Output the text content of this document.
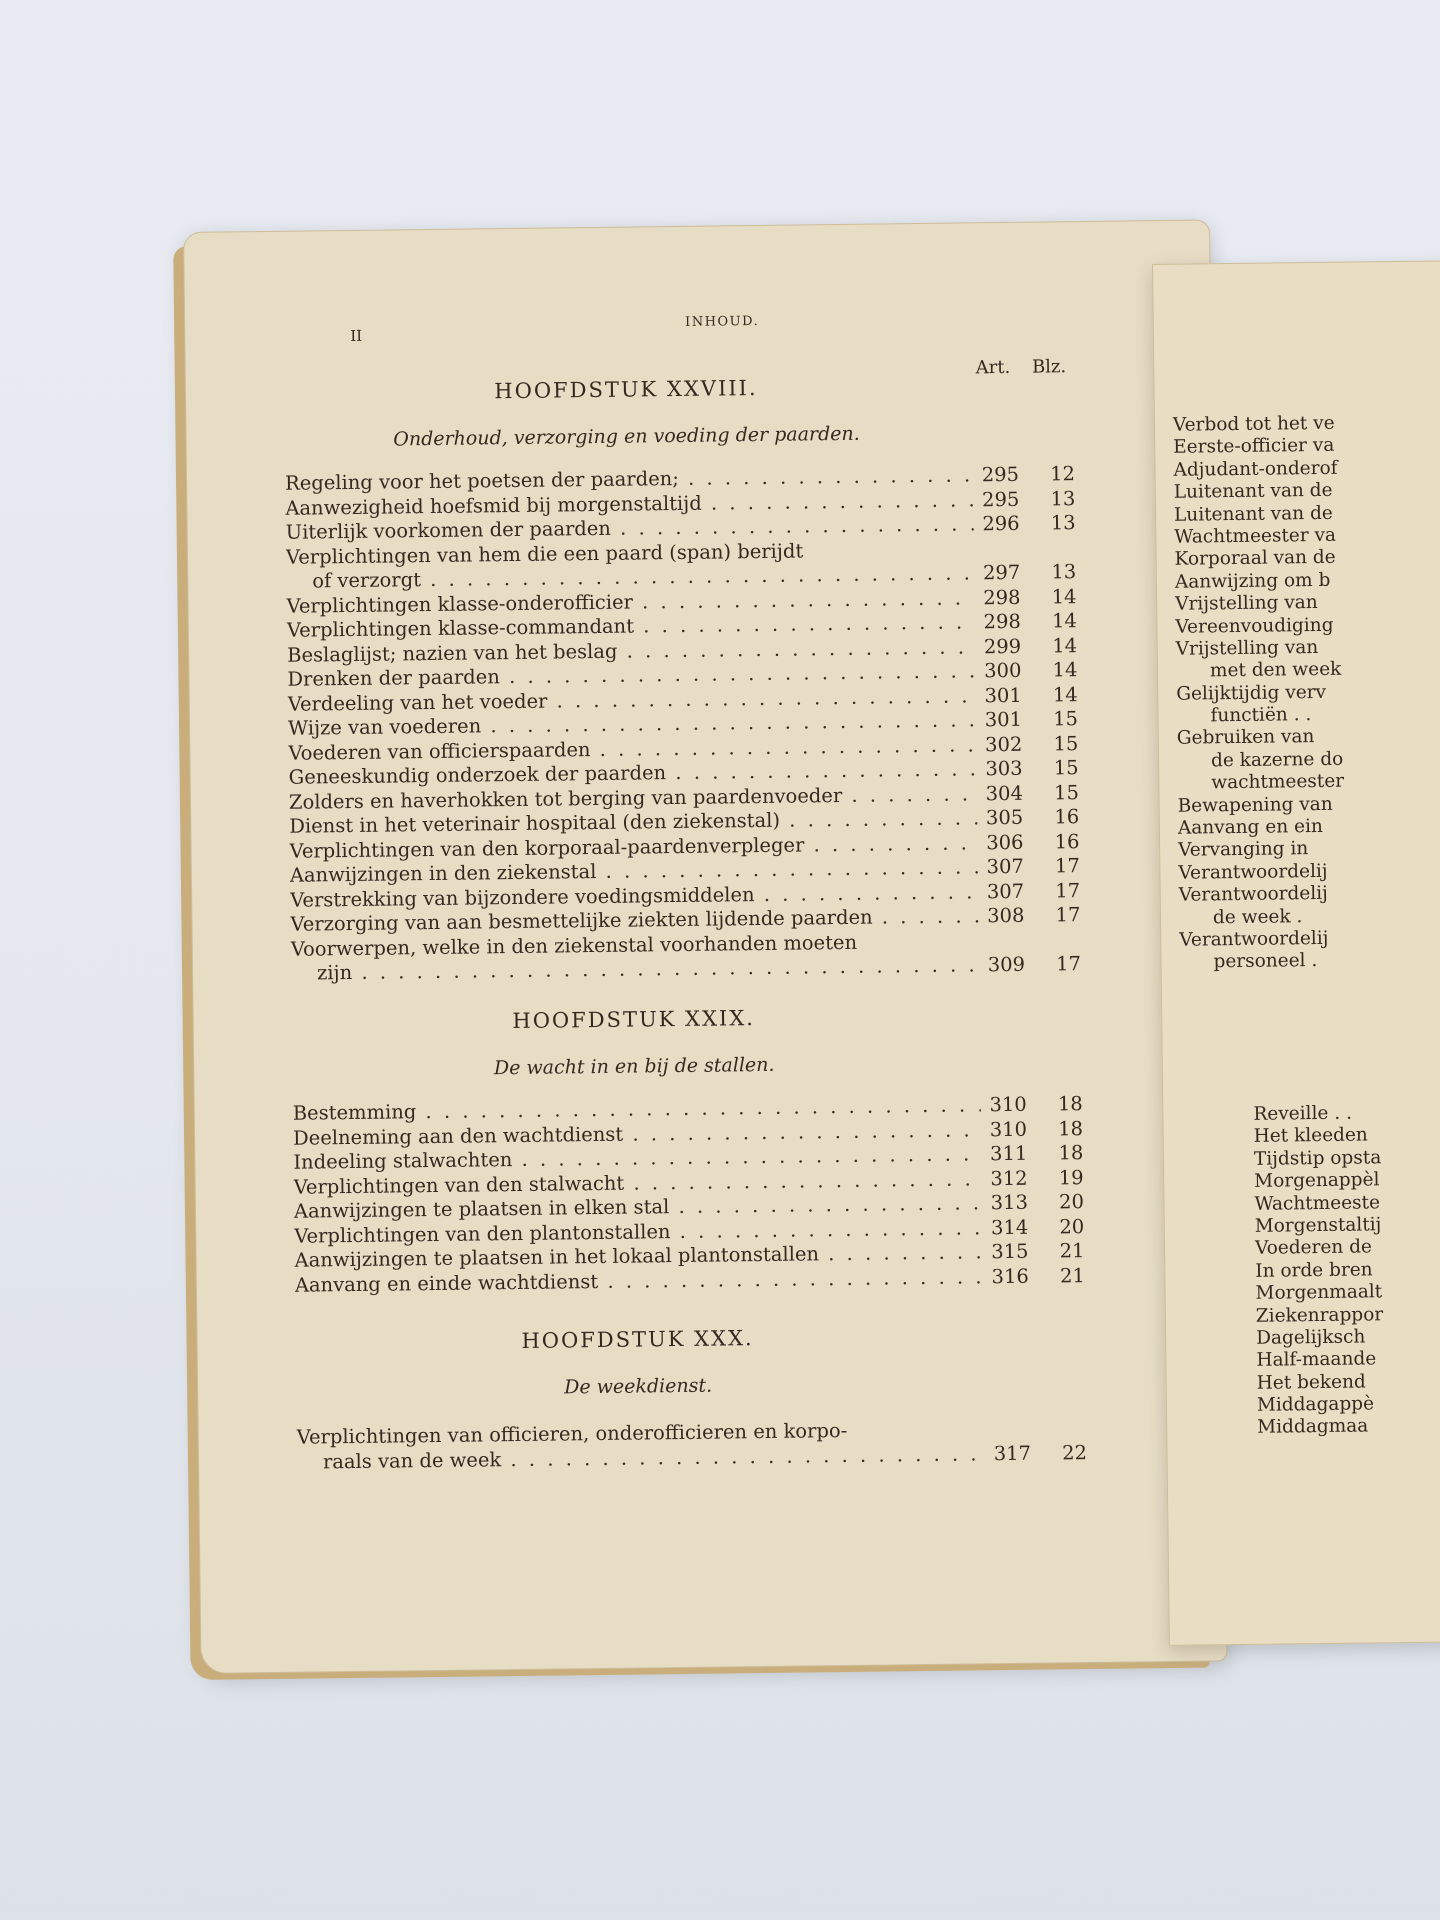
II
INHOUD.
Art. Blz.
HOOFDSTUK XXVIII.
Onderhoud, verzorging en voeding der paarden.
Regeling voor het poetsen der paarden; . . .	295	12
Aanwezigheid hoefsmid bij morgenstaltijd . . .	295	13
Uiterlijk voorkomen der paarden . . .	296	13
Verplichtingen van hem die een paard (span) berijdt
of verzorgt . . .	297	13
Verplichtingen klasse-onderofficier . . .	298	14
Verplichtingen klasse-commandant . . .	298	14
Beslaglijst; nazien van het beslag . . .	299	14
Drenken der paarden . . .	300	14
Verdeeling van het voeder . . .	301	14
Wijze van voederen . . .	301	15
Voederen van officierspaarden . . .	302	15
Geneeskundig onderzoek der paarden . . .	303	15
Zolders en haverhokken tot berging van paardenvoeder . . .	304	15
Dienst in het veterinair hospitaal (den ziekenstal) . . .	305	16
Verplichtingen van den korporaal-paardenverpleger . . .	306	16
Aanwijzingen in den ziekenstal . . .	307	17
Verstrekking van bijzondere voedingsmiddelen . . .	307	17
Verzorging van aan besmettelijke ziekten lijdende paarden . . .	308	17
Voorwerpen, welke in den ziekenstal voorhanden moeten
zijn . . .	309	17
HOOFDSTUK XXIX.
De wacht in en bij de stallen.
Bestemming . . .	310	18
Deelneming aan den wachtdienst . . .	310	18
Indeeling stalwachten . . .	311	18
Verplichtingen van den stalwacht . . .	312	19
Aanwijzingen te plaatsen in elken stal . . .	313	20
Verplichtingen van den plantonstallen . . .	314	20
Aanwijzingen te plaatsen in het lokaal plantonstallen . . .	315	21
Aanvang en einde wachtdienst . . .	316	21
HOOFDSTUK XXX.
De weekdienst.
Verplichtingen van officieren, onderofficieren en korpo-
raals van de week . . .	317	22
Verbod tot het ve
Eerste-officier va
Adjudant-onderof
Luitenant van de
Luitenant van de
Wachtmeester va
Korporaal van de
Aanwijzing om b
Vrijstelling van
Vereenvoudiging
Vrijstelling van
met den week
Gelijktijdig verv
functiën . .
Gebruiken van
de kazerne do
wachtmeester
Bewapening van
Aanvang en ein
Vervanging in
Verantwoordelij
Verantwoordelij
de week .
Verantwoordelij
personeel .
Reveille . .
Het kleeden
Tijdstip opsta
Morgenappèl
Wachtmeeste
Morgenstaltij
Voederen de
In orde bren
Morgenmaalt
Ziekenrappor
Dagelijksch
Half-maande
Het bekend
Middagappè
Middagmaa
